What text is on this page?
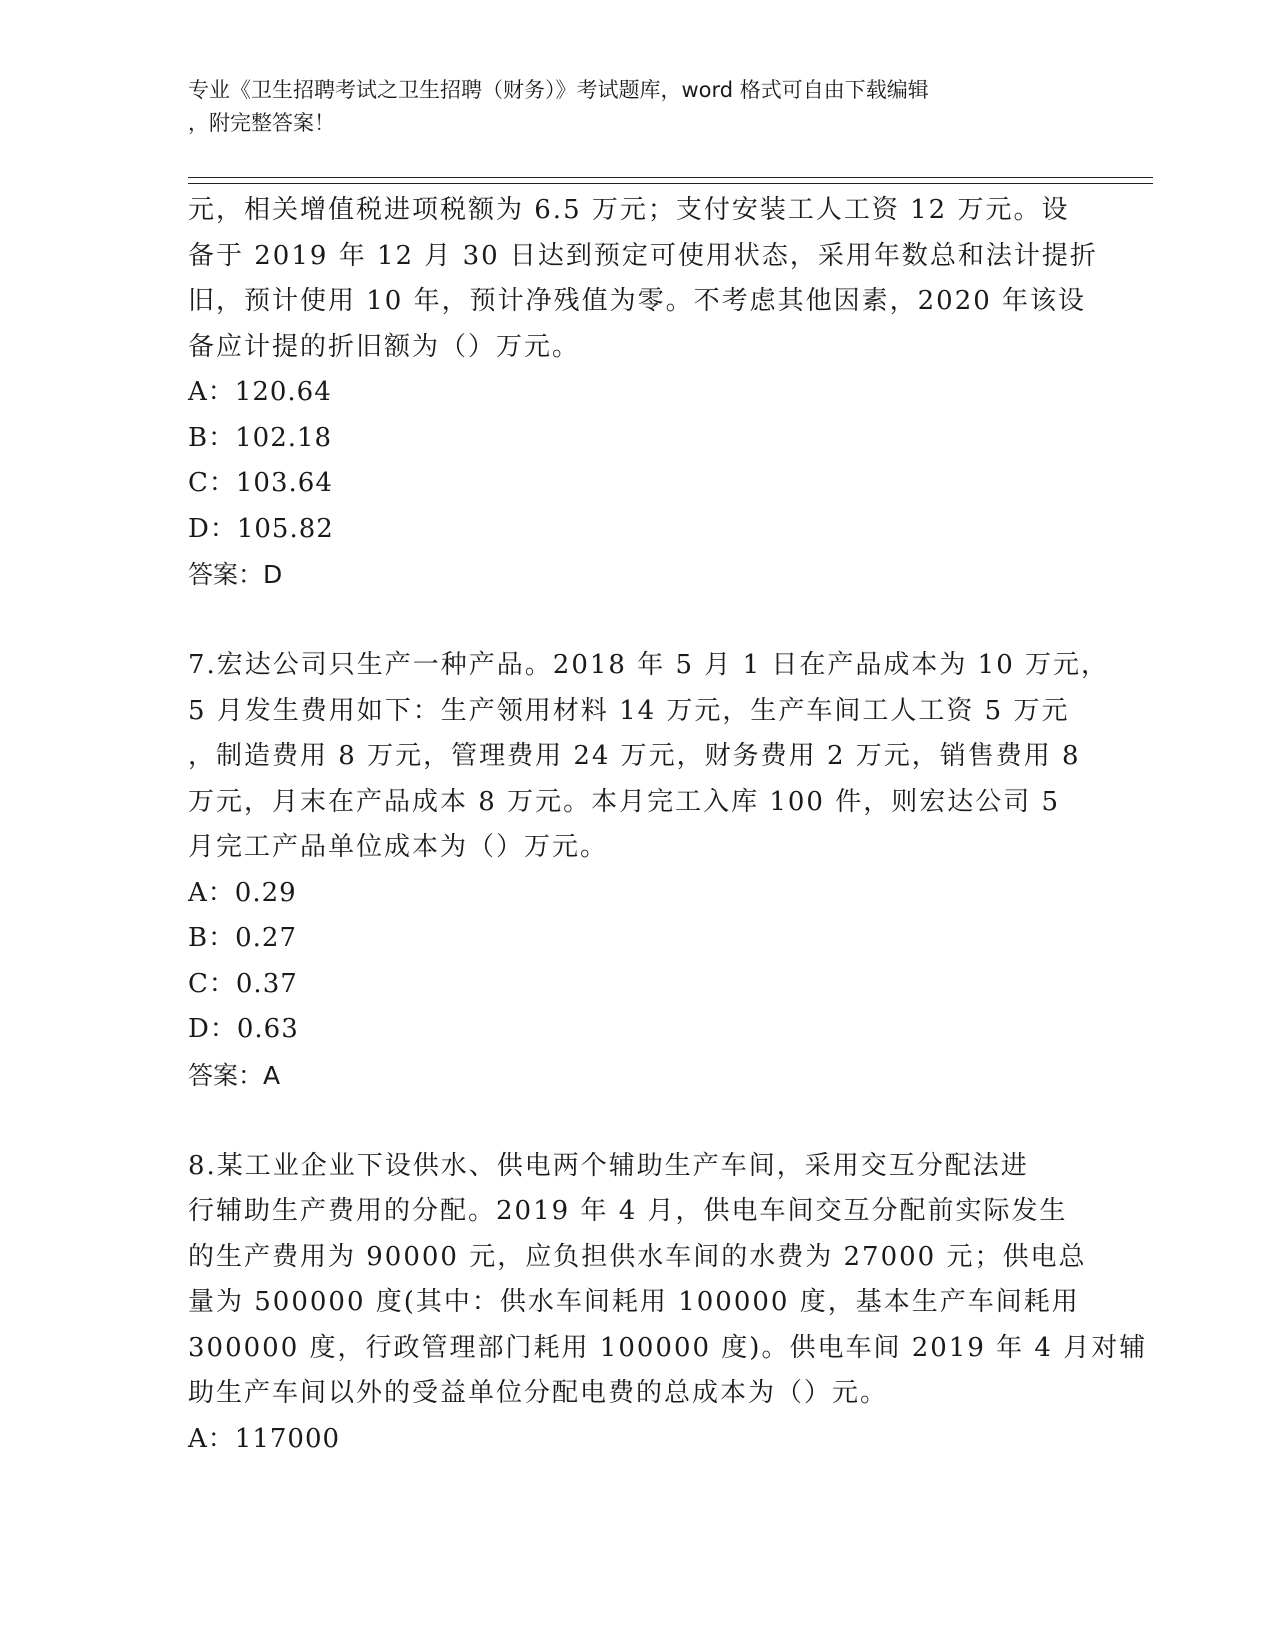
专业《卫生招聘考试之卫生招聘（财务）》考试题库，word 格式可自由下载编辑
，附完整答案！
元，相关增值税进项税额为 6.5 万元；支付安装工人工资 12 万元。设
备于 2019 年 12 月 30 日达到预定可使用状态，采用年数总和法计提折
旧，预计使用 10 年，预计净残值为零。不考虑其他因素，2020 年该设
备应计提的折旧额为（）万元。
A：120.64
B：102.18
C：103.64
D：105.82
答案：D
7.宏达公司只生产一种产品。2018 年 5 月 1 日在产品成本为 10 万元，
5 月发生费用如下：生产领用材料 14 万元，生产车间工人工资 5 万元
，制造费用 8 万元，管理费用 24 万元，财务费用 2 万元，销售费用 8
万元，月末在产品成本 8 万元。本月完工入库 100 件，则宏达公司 5
月完工产品单位成本为（）万元。
A：0.29
B：0.27
C：0.37
D：0.63
答案：A
8.某工业企业下设供水、供电两个辅助生产车间，采用交互分配法进
行辅助生产费用的分配。2019 年 4 月，供电车间交互分配前实际发生
的生产费用为 90000 元，应负担供水车间的水费为 27000 元；供电总
量为 500000 度(其中：供水车间耗用 100000 度，基本生产车间耗用
300000 度，行政管理部门耗用 100000 度)。供电车间 2019 年 4 月对辅
助生产车间以外的受益单位分配电费的总成本为（）元。
A：117000
